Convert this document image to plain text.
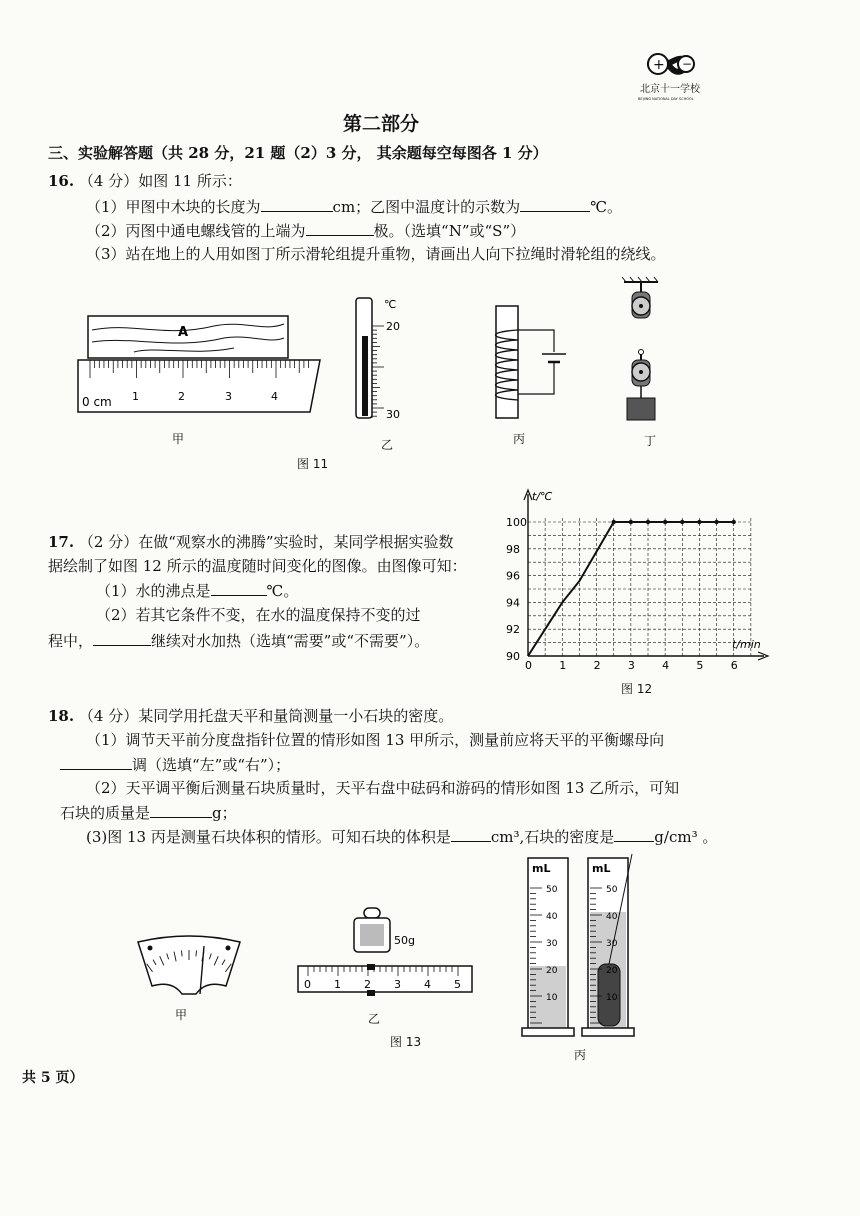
+ −
北京十一学校
BEIJING NATIONAL DAY SCHOOL
第二部分
三、实验解答题（共 28 分，21 题（2）3 分， 其余题每空每图各 1 分）
16. （4 分）如图 11 所示：
（1）甲图中木块的长度为	cm；乙图中温度计的示数为	℃。
（2）丙图中通电螺线管的上端为	极。（选填“N”或“S”）
（3）站在地上的人用如图丁所示滑轮组提升重物，请画出人向下拉绳时滑轮组的绕线。
A
0 cm 1	2	3	4
甲
℃
20
30
乙	丙	丁
图 11
17. （2 分）在做“观察水的沸腾”实验时，某同学根据实验数
据绘制了如图 12 所示的温度随时间变化的图像。由图像可知：
（1）水的沸点是	℃。
（2）若其它条件不变，在水的温度保持不变的过
程中，	继续对水加热（选填“需要”或“不需要”）。
0 1 2 3 4 5 6
90
92
94
96
98
100
t/min
t/℃
图 12
18. （4 分）某同学用托盘天平和量筒测量一小石块的密度。
（1）调节天平前分度盘指针位置的情形如图 13 甲所示，测量前应将天平的平衡螺母向
调（选填“左”或“右”）；
（2）天平调平衡后测量石块质量时，天平右盘中砝码和游码的情形如图 13 乙所示，可知
石块的质量是	g；
(3)图 13 丙是测量石块体积的情形。可知石块的体积是	cm³,石块的密度是	g/cm³ 。
甲
50g
0 1 2 3 4 5
乙
图 13
mL
50
40
30
20
10
mL
50
40
30
20
10
丙
共 5 页）
